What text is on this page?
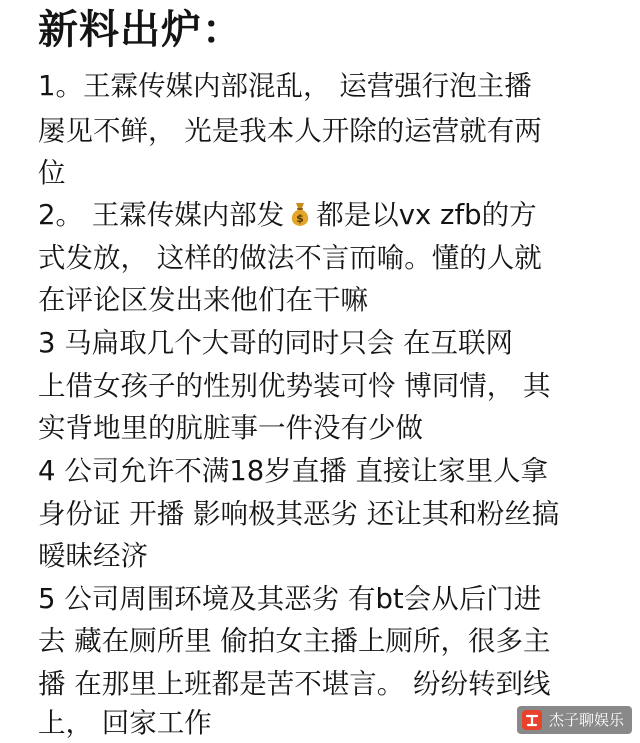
新料出炉：
1。王霖传媒内部混乱， 运营强行泡主播
屡见不鲜， 光是我本人开除的运营就有两
位
2。 王霖传媒内部发 $ 都是以vx zfb的方
式发放， 这样的做法不言而喻。懂的人就
在评论区发出来他们在干嘛
3 马扁取几个大哥的同时只会 在互联网
上借女孩子的性别优势装可怜 博同情， 其
实背地里的肮脏事一件没有少做
4 公司允许不满18岁直播 直接让家里人拿
身份证 开播 影响极其恶劣 还让其和粉丝搞
暧昧经济
5 公司周围环境及其恶劣 有bt会从后门进
去 藏在厕所里 偷拍女主播上厕所，很多主
播 在那里上班都是苦不堪言。 纷纷转到线
上， 回家工作	杰子聊娱乐
